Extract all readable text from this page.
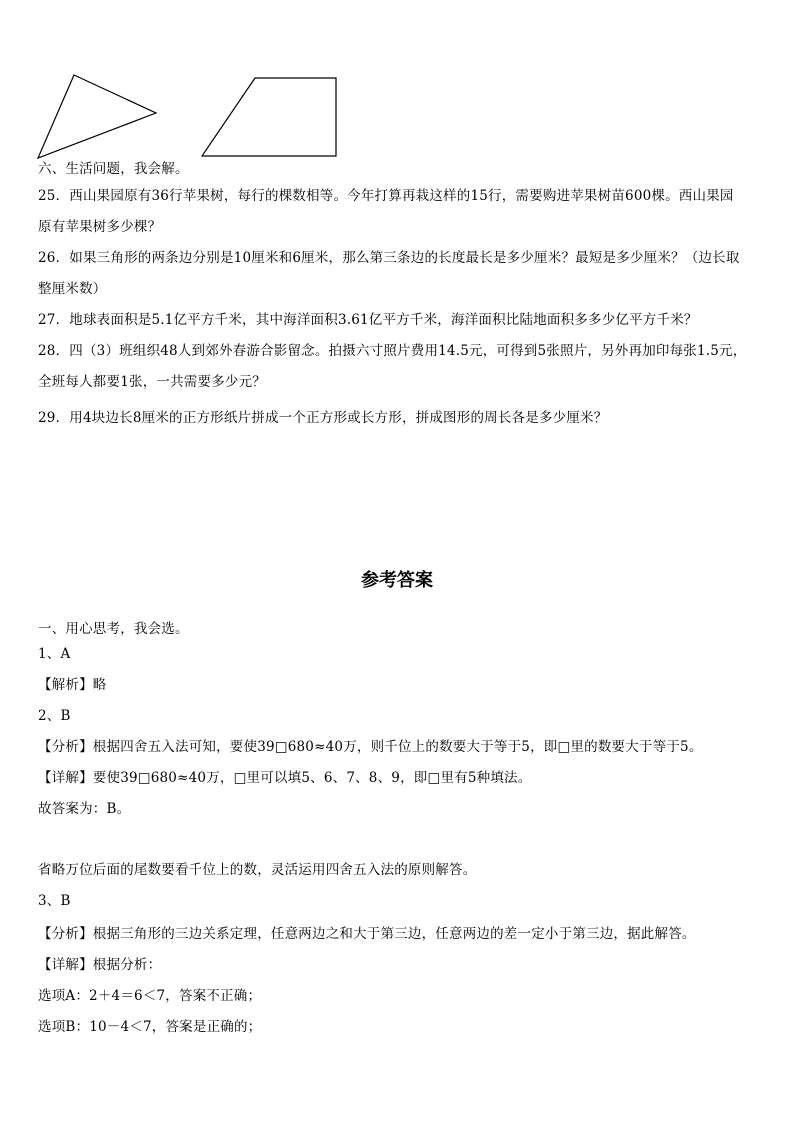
六、生活问题，我会解。
25．西山果园原有36行苹果树，每行的棵数相等。今年打算再栽这样的15行，需要购进苹果树苗600棵。西山果园
原有苹果树多少棵？
26．如果三角形的两条边分别是10厘米和6厘米，那么第三条边的长度最长是多少厘米？最短是多少厘米？（边长取
整厘米数）
27．地球表面积是5.1亿平方千米，其中海洋面积3.61亿平方千米，海洋面积比陆地面积多多少亿平方千米？
28．四（3）班组织48人到郊外春游合影留念。拍摄六寸照片费用14.5元，可得到5张照片，另外再加印每张1.5元，
全班每人都要1张，一共需要多少元？
29．用4块边长8厘米的正方形纸片拼成一个正方形或长方形，拼成图形的周长各是多少厘米？
参考答案
一、用心思考，我会选。
1、A
【解析】略
2、B
【分析】根据四舍五入法可知，要使39□680≈40万，则千位上的数要大于等于5，即□里的数要大于等于5。
【详解】要使39□680≈40万，□里可以填5、6、7、8、9，即□里有5种填法。
故答案为：B。
省略万位后面的尾数要看千位上的数，灵活运用四舍五入法的原则解答。
3、B
【分析】根据三角形的三边关系定理，任意两边之和大于第三边，任意两边的差一定小于第三边，据此解答。
【详解】根据分析：
选项A：2＋4＝6＜7，答案不正确；
选项B：10－4＜7，答案是正确的；
